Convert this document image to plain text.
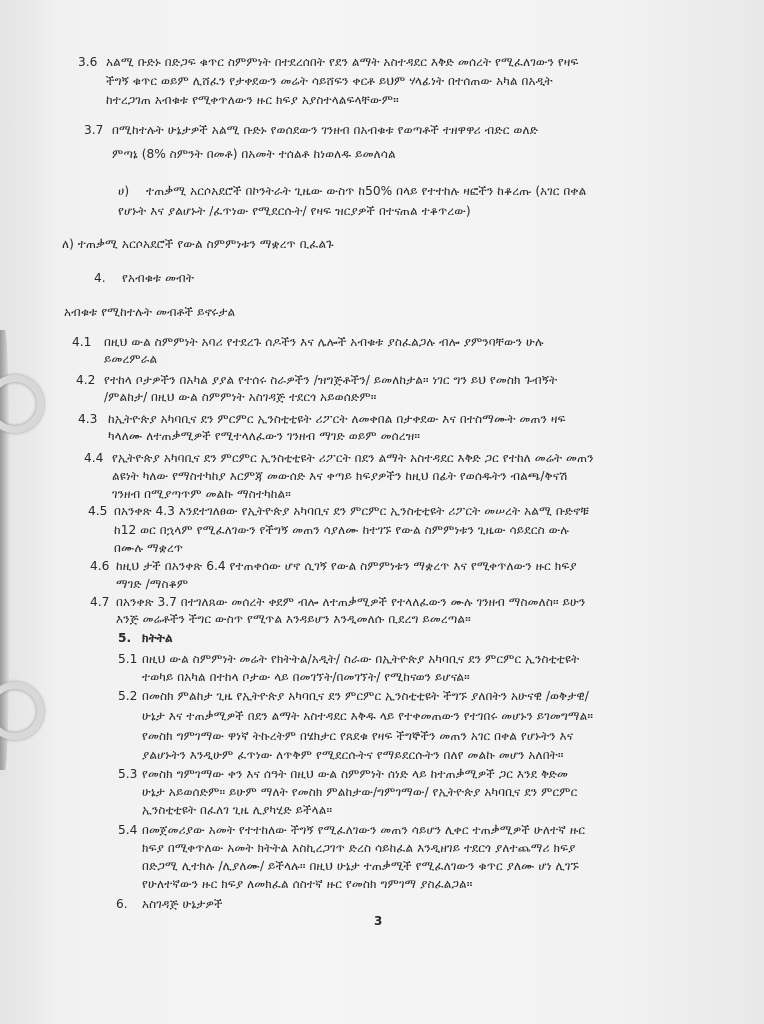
3.6 አልሚ ቡድኑ በድጋፍ ቁጥር ስምምነት በተደረሰበት የደን ልማት አስተዳደር እቅድ መሰረት የሚፈለገውን የዛፍ
ችግኝ ቁጥር ወይም ሊሸፈን የታቀደውን መሬት ሳይሸፍን ቀርቶ ይህም ሃላፊነት በተሰጠው አካል በአዲት
ከተረጋገጠ አብቁቱ የሚቀጥለውን ዙር ክፍያ አያስተላልፍላቸውም።
3.7 በሚከተሉት ሁኔታዎች አልሚ ቡድኑ የወሰደውን ገንዘብ በአብቁቱ የወጣቶች ተዘዋዋሪ ብድር ወለድ
ምጣኔ (8% ስምንት በመቶ) በአመት ተሰልቶ ከነወለዱ ይመለሳል
ሀ) ተጠቃሚ አርሶአደሮች በኮንትራት ጊዜው ውስጥ ከ50% በላይ የተተከሉ ዛፎችን ከቆረጡ (አገር በቀል
የሆኑት እና ያልሆኑት /ፈጥነው የሚደርሱት/ የዛፍ ዝርያዎች በተናጠል ተቆጥረው)
ለ) ተጠቃሚ አርሶአደሮች የውል ስምምነቱን ማቋረጥ ቢፈልጉ
4. የአብቁቱ መብት
አብቁቱ የሚከተሉት መብቶች ይኖሩታል
4.1 በዚህ ውል ስምምነት አባሪ የተደረጉ ሰዶችን እና ሌሎች አብቁቱ ያስፈልጋሉ ብሎ ያምንባቸውን ሁሉ
ይመረምራል
4.2 የተከላ ቦታዎችን በአካል ያያል የተሰሩ ስራዎችን /ዝግጅቶችን/ ይመለከታል። ነገር ግን ይህ የመስክ ጉብኝት
/ምልከታ/ በዚህ ውል ስምምነት አስገዳጅ ተደርጎ አይወሰድም።
4.3 ከኢትዮጵያ አካባቢና ደን ምርምር ኢንስቲቲዩት ሪፖርት ለመቀበል በታቀደው እና በተስማሙት መጠን ዛፍ
ካላለሙ ለተጠቃሚዎች የሚተላለፈውን ገንዘብ ማገድ ወይም መሰረዝ።
4.4 የኢትዮጵያ አካባቢና ደን ምርምር ኢንስቲቲዩት ሪፖርት በደን ልማት አስተዳደር እቅድ ጋር የተከለ መሬት መጠን
ልዩነት ካለው የማስተካከያ እርምጃ መውሰድ እና ቀጣይ ክፍያዎችን ከዚህ በፊት የወሰዱትን ብልጫ/ቅናሽ
ገንዘብ በሚያጣጥም መልኩ ማስተካከል።
4.5 በአንቀጽ 4.3 እንደተገለፀው የኢትዮጵያ አካባቢና ደን ምርምር ኢንስቲቲዩት ሪፖርት መሠረት አልሚ ቡድኖቹ
ከ12 ወር በኋላም የሚፈለገውን የችግኝ መጠን ሳያለሙ ከተገኙ የውል ስምምነቱን ጊዜው ሳይደርስ ውሉ
በሙሉ ማቋረጥ
4.6 ከዚህ ታች በአንቀጽ 6.4 የተጠቀሰው ሆኖ ሲገኝ የውል ስምምነቱን ማቋረጥ እና የሚቀጥለውን ዙር ክፍያ
ማገድ /ማስቆም
4.7 በአንቀጽ 3.7 በተገለጸው መሰረት ቀደም ብሎ ለተጠቃሚዎች የተላለፈውን ሙሉ ገንዘብ ማስመለስ። ይሁን
እንጅ መሬቶችን ችግር ውስጥ የሚጥል እንዳይሆን እንዲመለሱ ቢደረግ ይመረጣል።
5. ክትትል
5.1 በዚህ ውል ስምምነት መሬት የክትትል/አዲት/ ስራው በኢትዮጵያ አካባቢና ደን ምርምር ኢንስቲቲዩት
ተወካይ በአካል በተከላ ቦታው ላይ በመገኘት/በመገኘት/ የሚከናወን ይሆናል።
5.2 በመስክ ምልከታ ጊዜ የኢትዮጵያ አካባቢና ደን ምርምር ኢንስቲቲዩት ችግኙ ያለበትን አሁናዊ /ወቅታዊ/
ሁኔታ እና ተጠቃሚዎች በደን ልማት አስተዳደር እቅዱ ላይ የተቀመጠውን የተገበሩ መሆኑን ይገመግማል።
የመስክ ግምገማው ዋነኛ ትኩረትም በሄክታር የጸደቁ የዛፍ ችግኞችን መጠን አገር በቀል የሆኑትን እና
ያልሆኑትን እንዲሁም ፈጥነው ለጥቅም የሚደርሱትና የማይደርሱትን በለየ መልኩ መሆን አለበት።
5.3 የመስክ ግምገማው ቀን እና ሰዓት በዚህ ውል ስምምነት ሰነድ ላይ ከተጠቃሚዎች ጋር እንደ ቅድመ
ሁኔታ አይወሰድም። ይሁም ማለት የመስክ ምልከታው/ግምገማው/ የኢትዮጵያ አካባቢና ደን ምርምር
ኢንስቲቲዩት በፈለገ ጊዜ ሊያካሂድ ይችላል።
5.4 በመጀመሪያው አመት የተተከለው ችግኝ የሚፈለገውን መጠን ሳይሆን ሊቀር ተጠቃሚዎች ሁለተኛ ዙር
ክፍያ በሚቀጥለው አመት ክትትል እስኪረጋገጥ ድረስ ሳይከፈል እንዲዘገይ ተደርጎ ያለተጨማሪ ክፍያ
በድጋሚ ሊተክሉ /ሊያለሙ/ ይችላሉ። በዚህ ሁኔታ ተጠቃሚች የሚፈለገውን ቁጥር ያለሙ ሆነ ሊገኙ
የሁለተኛውን ዙር ክፍያ ለመክፈል ሰስተኛ ዙር የመስክ ግምገማ ያስፈልጋል።
6. አስገዳጅ ሁኔታዎች
3
